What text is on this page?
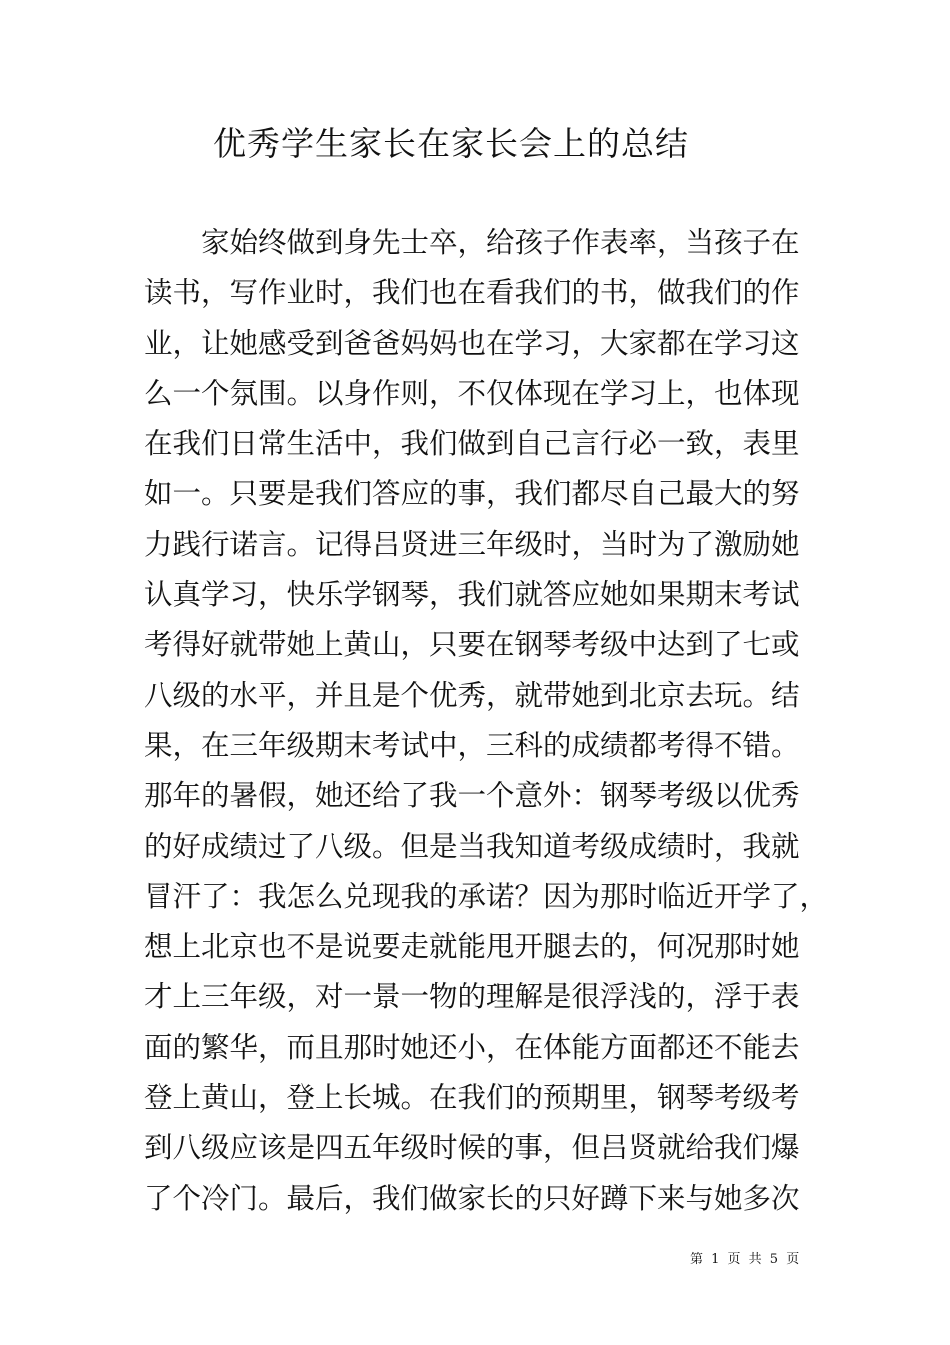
优秀学生家长在家长会上的总结
　　家始终做到身先士卒，给孩子作表率，当孩子在
读书，写作业时，我们也在看我们的书，做我们的作
业，让她感受到爸爸妈妈也在学习，大家都在学习这
么一个氛围。以身作则，不仅体现在学习上，也体现
在我们日常生活中，我们做到自己言行必一致，表里
如一。只要是我们答应的事，我们都尽自己最大的努
力践行诺言。记得吕贤进三年级时，当时为了激励她
认真学习，快乐学钢琴，我们就答应她如果期末考试
考得好就带她上黄山，只要在钢琴考级中达到了七或
八级的水平，并且是个优秀，就带她到北京去玩。结
果，在三年级期末考试中，三科的成绩都考得不错。
那年的暑假，她还给了我一个意外：钢琴考级以优秀
的好成绩过了八级。但是当我知道考级成绩时，我就
冒汗了：我怎么兑现我的承诺？因为那时临近开学了，
想上北京也不是说要走就能甩开腿去的，何况那时她
才上三年级，对一景一物的理解是很浮浅的，浮于表
面的繁华，而且那时她还小，在体能方面都还不能去
登上黄山，登上长城。在我们的预期里，钢琴考级考
到八级应该是四五年级时候的事，但吕贤就给我们爆
了个冷门。最后，我们做家长的只好蹲下来与她多次
第 1 页 共 5 页
